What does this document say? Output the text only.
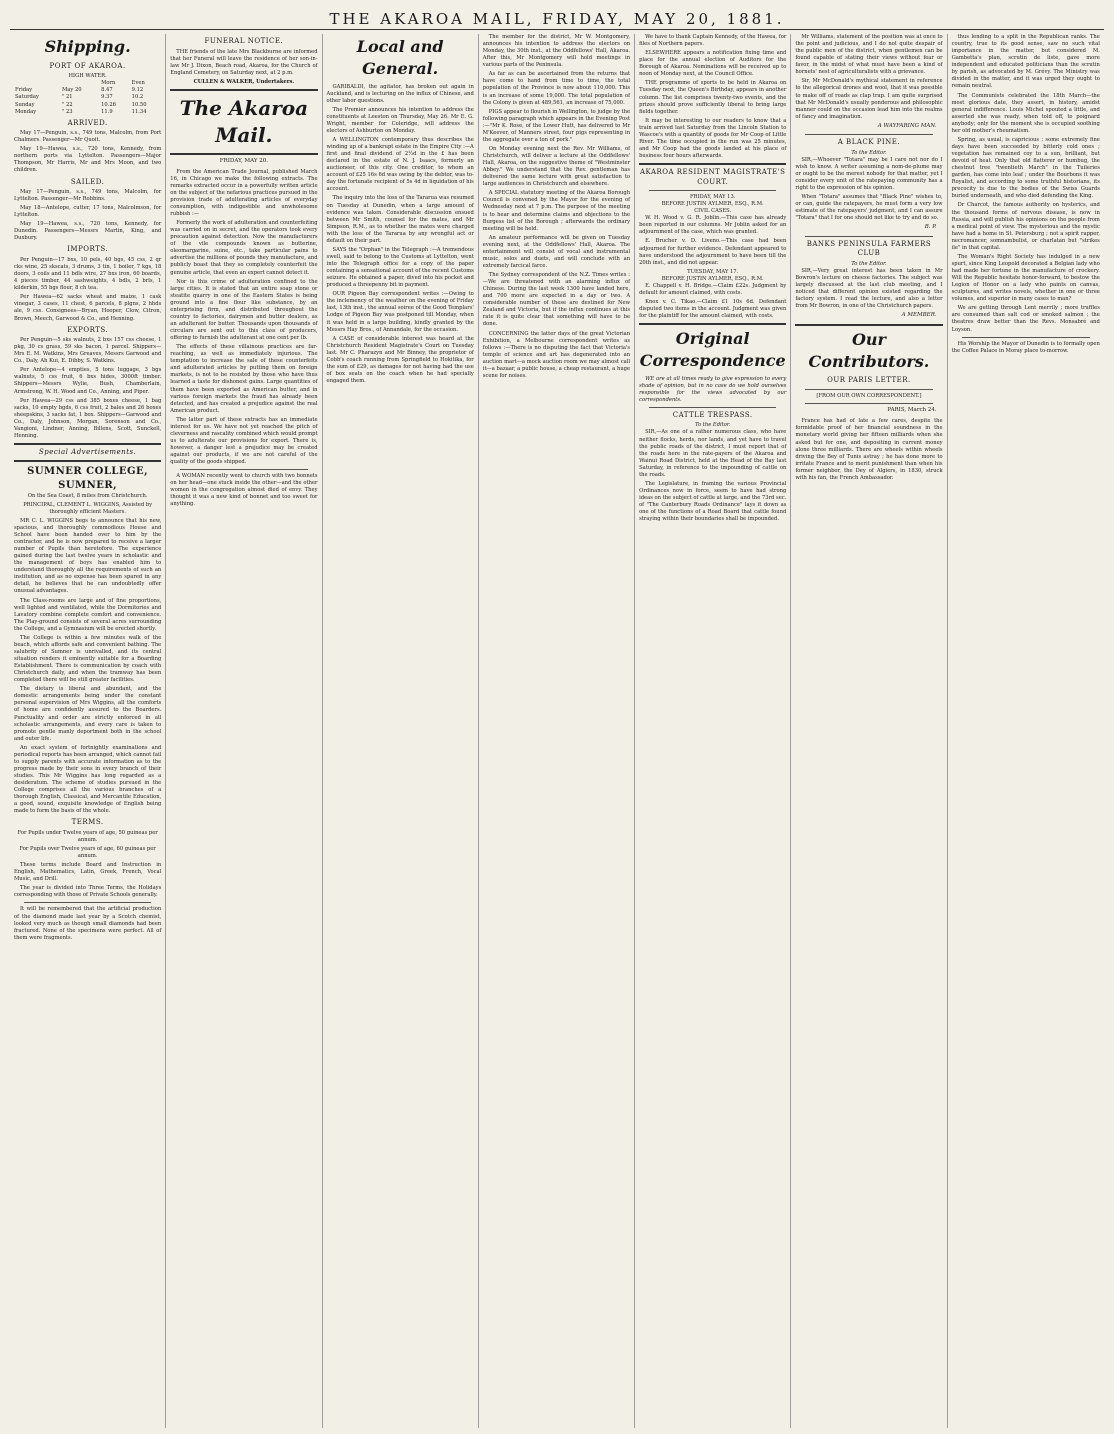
THE AKAROA MAIL, FRIDAY, MAY 20, 1881.
Shipping.
PORT OF AKAROA.
HIGH WATER.
		Morn	Even
Friday	May 20	8.47	9.12
Saturday	" 21	9.37	10.2
Sunday	" 22	10.26	10.50
Monday	" 23	11.9	11.34
ARRIVED.

May 17—Penguin, s.s., 749 tons, Malcolm, from Port Chalmers. Passenger—Mr Quoit.

May 19—Hawea, s.s., 720 tons, Kennedy, from northern ports via Lyttelton. Passengers—Major Thompson, Mr Harris, Mr and Mrs Moon, and two children.

SAILED.

May 17—Penguin, s.s., 749 tons, Malcolm, for Lyttelton. Passenger—Mr Robbins.

May 18—Antelope, cutter, 17 tons, Malcolmson, for Lyttelton.

May 19—Hawea, s.s., 720 tons, Kennedy, for Dunedin. Passengers—Messrs Martin, King, and Duxbury.

IMPORTS.

Per Penguin—17 bxs, 10 pels, 40 bgs, 45 css, 2 qr cks wine, 25 skscats, 3 drums, 3 tin, 1 boiler, 7 kgs, 18 doors, 3 coils and 11 bdls wire, 27 bxs iron, 60 boards, 4 pieces timber, 44 sashweights, 4 bdls, 2 brls, 1 kilderkin, 55 bgs flour, 8 ch tea.

Per Hawea—62 sacks wheat and maize, 1 cask vinegar, 3 cases, 11 chest, 6 parcels, 8 plgns, 2 hhds ale, 9 css. Consignees—Bryan, Hooper, Clow, Citron, Brown, Meech, Garwood & Co., and Henning.

EXPORTS.

Per Penguin—5 sks walnuts, 2 bxs 157 css cheese, 1 pkg, 30 cs grass, 59 sks bacon, 1 parcel. Shippers—Mrs E. M. Watkins, Mrs Greaves, Messrs Garwood and Co., Daly, Ah Kui, E. Dibby, S. Watkins.

Per Antelope—4 empties, 5 tons luggage, 3 bgs walnuts, 5 css fruit, 6 bxs hides, 3000ft timber. Shippers—Messrs Wylie, Bush, Chamberlain, Armstrong, W. H. Wood and Co., Anning, and Piper.

Per Hawea—29 css and 385 boxes cheese, 1 bag sacks, 10 empty bgds, 6 css fruit, 2 bales and 26 boxes sheepskins, 3 sacks fat, 1 box. Shippers—Garwood and Co., Daly, Johnson, Morgan, Sorenson and Co., Vangioni, Lindner, Anning, Billens, Scott, Sunckell, Henning.

Special Advertisements.
SUMNER COLLEGE, SUMNER,
On the Sea Coast, 8 miles from Christchurch.
PRINCIPAL, CLEMENT L. WIGGINS, Assisted by thoroughly efficient Masters.

MR C. L. WIGGINS begs to announce that his new, spacious, and thoroughly commodious House and School have been handed over to him by the contractor, and he is now prepared to receive a larger number of Pupils than heretofore. The experience gained during the last twelve years in scholastic and the management of boys has enabled him to understand thoroughly all the requirements of such an institution, and as no expense has been spared in any detail, he believes that he can undoubtedly offer unusual advantages.

The Class-rooms are large and of fine proportions, well lighted and ventilated, while the Dormitories and Lavatory combine complete comfort and convenience. The Play-ground consists of several acres surrounding the College, and a Gymnasium will be erected shortly.

The College is within a few minutes walk of the beach, which affords safe and convenient bathing. The salubrity of Sumner is unrivalled, and its central situation renders it eminently suitable for a Boarding Establishment. There is communication by coach with Christchurch daily, and when the tramway has been completed there will be still greater facilities.

The dietary is liberal and abundant, and the domestic arrangements being under the constant personal supervision of Mrs Wiggins, all the comforts of home are confidently assured to the Boarders. Punctuality and order are strictly enforced in all scholastic arrangements, and every care is taken to promote gentle manly deportment both in the school and outer life.

An exact system of fortnightly examinations and periodical reports has been arranged, which cannot fail to supply parents with accurate information as to the progress made by their sons in every branch of their studies. This Mr Wiggins has long regarded as a desideratum. The scheme of studies pursued in the College comprises all the various branches of a thorough English, Classical, and Mercantile Education, a good, sound, exquisite knowledge of English being made to form the basis of the whole.

TERMS.

For Pupils under Twelve years of age, 50 guineas per annum.

For Pupils over Twelve years of age, 60 guineas per annum.

These terms include Board and Instruction in English, Mathematics, Latin, Greek, French, Vocal Music, and Drill.

The year is divided into Three Terms, the Holidays corresponding with those of Private Schools generally.

It will be remembered that the artificial production of the diamond made last year by a Scotch chemist, looked very much as though small diamonds had been fractured. None of the specimens were perfect. All of them were fragments.

FUNERAL NOTICE.

THE friends of the late Mrs Blackburne are informed that her Funeral will leave the residence of her son-in-law Mr J. Dixon, Beach road, Akaroa, for the Church of England Cemetery, on Saturday next, at 2 p.m.

CULLEN & WALKER, Undertakers.
The Akaroa Mail.
FRIDAY, MAY 20.

From the American Trade Journal, published March 16, in Chicago we make the following extracts. The remarks extracted occur in a powerfully written article on the subject of the nefarious practices pursued in the provision trade of adulterating articles of everyday consumption, with indigestible and unwholesome rubbish :—

Formerly the work of adulteration and counterfeiting was carried on in secret, and the operators took every precaution against detection. Now the manufacturers of the vile compounds known as butterine, oleomargarine, suine, etc., take particular pains to advertise the millions of pounds they manufacture, and publicly boast that they so completely counterfeit the genuine article, that even an expert cannot detect it.

Nor is this crime of adulteration confined to the large cities. It is stated that an entire soap stone or steatite quarry in one of the Eastern States is being ground into a fine flour like substance, by an enterprising firm, and distributed throughout the country to factories, dairymen and butter dealers, as an adulterant for butter. Thousands upon thousands of circulars are sent out to this class of producers, offering to furnish the adulterant at one cent per lb.

The effects of these villainous practices are far-reaching, as well as immediately injurious. The temptation to increase the sale of these counterfeits and adulterated articles by putting them on foreign markets, is not to be resisted by those who have thus learned a taste for dishonest gains. Large quantities of them have been exported as American butter, and in various foreign markets the fraud has already been detected, and has created a prejudice against the real American product.

The latter part of these extracts has an immediate interest for us. We have not yet reached the pitch of cleverness and rascality combined which would prompt us to adulterate our provisions for export. There is, however, a danger lest a prejudice may be created against our products, if we are not careful of the quality of the goods shipped.

A WOMAN recently went to church with two bonnets on her head—one stuck inside the other—and the other women in the congregation almost died of envy. They thought it was a new kind of bonnet and too sweet for anything.

Local and General.

GARIBALDI, the agitator, has broken out again in Auckland, and is lecturing on the influx of Chinese, and other labor questions.

The Premier announces his intention to address the constituents at Leeston on Thursday, May 26. Mr E. G. Wright, member for Coleridge, will address the electors of Ashburton on Monday.

A WELLINGTON contemporary thus describes the winding up of a bankrupt estate in the Empire City :—A first and final dividend of 2½d in the £ has been declared in the estate of N. J. Isaacs, formerly an auctioneer, of this city. One creditor, to whom an account of £25 16s 6d was owing by the debtor, was to-day the fortunate recipient of 5s 4d in liquidation of his account.

The inquiry into the loss of the Tararua was resumed on Tuesday at Dunedin, when a large amount of evidence was taken. Considerable discussion ensued between Mr Smith, counsel for the mates, and Mr Simpson, R.M., as to whether the mates were charged with the loss of the Tararua by any wrongful act or default on their part.

SAYS the "Orphan" in the Telegraph :—A tremendous swell, said to belong to the Customs at Lyttelton, went into the Telegraph office for a copy of the paper containing a sensational account of the recent Customs seizure. He obtained a paper, dived into his pocket and produced a threepenny bit in payment.

OUR Pigeon Bay correspondent writes :—Owing to the inclemency of the weather on the evening of Friday last, 13th inst., the annual soiree of the Good Templars' Lodge of Pigeon Bay was postponed till Monday, when it was held in a large building, kindly granted by the Messrs Hay Bros., of Annandale, for the occasion.

A CASE of considerable interest was heard at the Christchurch Resident Magistrate's Court on Tuesday last. Mr C. Pharazyn and Mr Binney, the proprietor of Cobb's coach running from Springfield to Hokitika, for the sum of £29, as damages for not having had the use of box seats on the coach when he had specially engaged them.

The member for the district, Mr W. Montgomery, announces his intention to address the electors on Monday, the 30th inst., at the Oddfellows' Hall, Akaroa. After this, Mr Montgomery will hold meetings in various parts of the Peninsula.

As far as can be ascertained from the returns that have come to hand from time to time, the total population of the Province is now about 110,000. This is an increase of some 19,000. The total population of the Colony is given at 489,561, an increase of 75,000.

PIGS appear to flourish in Wellington, to judge by the following paragraph which appears in the Evening Post :—"Mr K. Rose, of the Lower Hutt, has delivered to Mr M'Keever, of Manners street, four pigs representing in the aggregate over a ton of pork."

On Monday evening next the Rev. Mr Williams, of Christchurch, will deliver a lecture at the Oddfellows' Hall, Akaroa, on the suggestive theme of "Westminster Abbey." We understand that the Rev. gentleman has delivered the same lecture with great satisfaction to large audiences in Christchurch and elsewhere.

A SPECIAL statutory meeting of the Akaroa Borough Council is convened by the Mayor for the evening of Wednesday next at 7 p.m. The purpose of the meeting is to hear and determine claims and objections to the Burgess list of the Borough ; afterwards the ordinary meeting will be held.

An amateur performance will be given on Tuesday evening next, at the Oddfellows' Hall, Akaroa. The entertainment will consist of vocal and instrumental music, solos and duets, and will conclude with an extremely farcical farce.

The Sydney correspondent of the N.Z. Times writes :—We are threatened with an alarming influx of Chinese. During the last week 1300 have landed here, and 700 more are expected in a day or two. A considerable number of these are destined for New Zealand and Victoria, but if the influx continues at this rate it is quite clear that something will have to be done.

CONCERNING the latter days of the great Victorian Exhibition, a Melbourne correspondent writes as follows :—There is no disputing the fact that Victoria's temple of science and art has degenerated into an auction mart—a mock auction room we may almost call it—a bazaar, a public house, a cheap restaurant, a huge scene for noises.

We have to thank Captain Kennedy, of the Hawea, for files of Northern papers.

ELSEWHERE appears a notification fixing time and place for the annual election of Auditors for the Borough of Akaroa. Nominations will be received up to noon of Monday next, at the Council Office.

THE programme of sports to be held in Akaroa on Tuesday next, the Queen's Birthday, appears in another column. The list comprises twenty-two events, and the prizes should prove sufficiently liberal to bring large fields together.

It may be interesting to our readers to know that a train arrived last Saturday from the Lincoln Station to Wascoe's with a quantity of goods for Mr Coop of Little River. The time occupied in the run was 25 minutes, and Mr Coop had the goods landed at his place of business four hours afterwards.

AKAROA RESIDENT MAGISTRATE'S COURT.
FRIDAY, MAY 13.
BEFORE JUSTIN AYLMER, ESQ., R.M.
CIVIL CASES.

W. H. Wood v. G. R. Joblin.—This case has already been reported in our columns. Mr Joblin asked for an adjournment of the case, which was granted.

E. Brucher v. D. Liveno.—This case had been adjourned for further evidence. Defendant appeared to have understood the adjournment to have been till the 20th inst., and did not appear.

TUESDAY, MAY 17.
BEFORE JUSTIN AYLMER, ESQ., R.M.

E. Chappell v. H. Bridge.—Claim £22s. Judgment by default for amount claimed, with costs.

Knox v. C. Tikao.—Claim £1 10s 6d. Defendant disputed two items in the account. Judgment was given for the plaintiff for the amount claimed, with costs.

Original Correspondence

WE are at all times ready to give expression to every shade of opinion, but in no case do we hold ourselves responsible for the views advocated by our correspondents.

CATTLE TRESPASS.
To the Editor.

SIR,—As one of a rather numerous class, who have neither flocks, herds, nor lands, and yet have to travel the public roads of the district, I must report that of the roads here in the rate-payers of the Akaroa and Wainui Road District, held at the Head of the Bay last Saturday, in reference to the impounding of cattle on the roads.

The Legislature, in framing the various Provincial Ordinances now in force, seem to have had strong ideas on the subject of cattle at large, and the 73rd sec. of "The Canterbury Roads Ordinance" lays it down as one of the functions of a Road Board that cattle found straying within their boundaries shall be impounded.

Mr Williams, statement of the position was at once to the point and judicious, and I do not quite despair of the public men of the district, when gentlemen can be found capable of stating their views without fear or favor, in the midst of what must have been a kind of hornets' nest of agriculturalists with a grievance.

Sir, Mr McDonald's mythical statement in reference to the allegorical drones and wool, that it was possible to make off of roads as clap trap. I am quite surprised that Mr McDonald's usually ponderous and philosophic manner could on the occasion lead him into the realms of fancy and imagination.

A WAYFARING MAN.
A BLACK PINE.
To the Editor.

SIR,—Whoever "Totara" may be I care not nor do I wish to know. A writer assuming a nom-de-plume may or ought to be the merest nobody for that matter, yet I consider every unit of the ratepaying community has a right to the expression of his opinion.

When "Totara" assumes that "Black Pine" wishes to, or can, guide the ratepayers, he must form a very low estimate of the ratepayers' judgment, and I can assure "Totara" that I for one should not like to try and do so.

B. P.
BANKS PENINSULA FARMERS CLUB
To the Editor.

SIR,—Very great interest has been taken in Mr Bowron's lecture on cheese factories. The subject was largely discussed at the last club meeting, and I noticed that different opinion existed regarding the factory system. I read the lecture, and also a letter from Mr Bowron, in one of the Christchurch papers.

A MEMBER.
Our Contributors.
OUR PARIS LETTER.
[FROM OUR OWN CORRESPONDENT.]
PARIS, March 24.

France has had of late a few cares, despite the formidable proof of her financial soundness in the monetary world giving her fifteen milliards when she asked but for one, and depositing in current money alone three milliards. There are wheels within wheels driving the Bey of Tunis astray ; he has done more to irritate France and to merit punishment than when his former neighbor, the Dey of Algiers, in 1830, struck with his fan, the French Ambassador.

thus lending to a split in the Republican ranks. The country, true to its good sense, saw no such vital importance in the matter, but considered M. Gambetta's plan, scrutin de liste, gave more independent and educated politicians than the scrutin by parish, as advocated by M. Grévy. The Ministry was divided in the matter, and it was urged they ought to remain neutral.

The Communists celebrated the 18th March—the most glorious date, they assert, in history, amidst general indifference. Louis Michel spouted a little, and asserted she was ready, when told off, to poignard anybody; only for the moment she is occupied soothing her old mother's rheumatism.

Spring, as usual, is capricious ; some extremely fine days have been succeeded by bitterly cold ones ; vegetation has remained coy to a sun, brilliant, but devoid of heat. Only that old flatterer or humbug, the chestnut tree "twentieth March" in the Tuileries garden, has come into leaf ; under the Bourbons it was Royalist, and according to some truthful historians, its precocity is due to the bodies of the Swiss Guards buried underneath, and who died defending the King.

Dr Charcot, the famous authority on hysterics, and the thousand forms of nervous disease, is now in Russia, and will publish his opinions on the people from a medical point of view. The mysterious and the mystic have had a home in St. Petersburg ; not a spirit rapper, necromancer, somnambulist, or charlatan but "strikes ile" in that capital.

The Woman's Right Society has indulged in a new spurt, since King Leopold decorated a Belgian lady who had made her fortune in the manufacture of crockery. Will the Republic hesitate honor-forward, to bestow the Legion of Honor on a lady who paints on canvas, sculptures, and writes novels, whether in one or three volumes, and superior in many cases to man?

We are getting through Lent merrily ; more truffles are consumed than salt cod or smoked salmon ; the theatres draw better than the Revs. Monsabré and Loyson.

His Worship the Mayor of Dunedin is to formally open the Coffee Palace in Moray place to-morrow.
